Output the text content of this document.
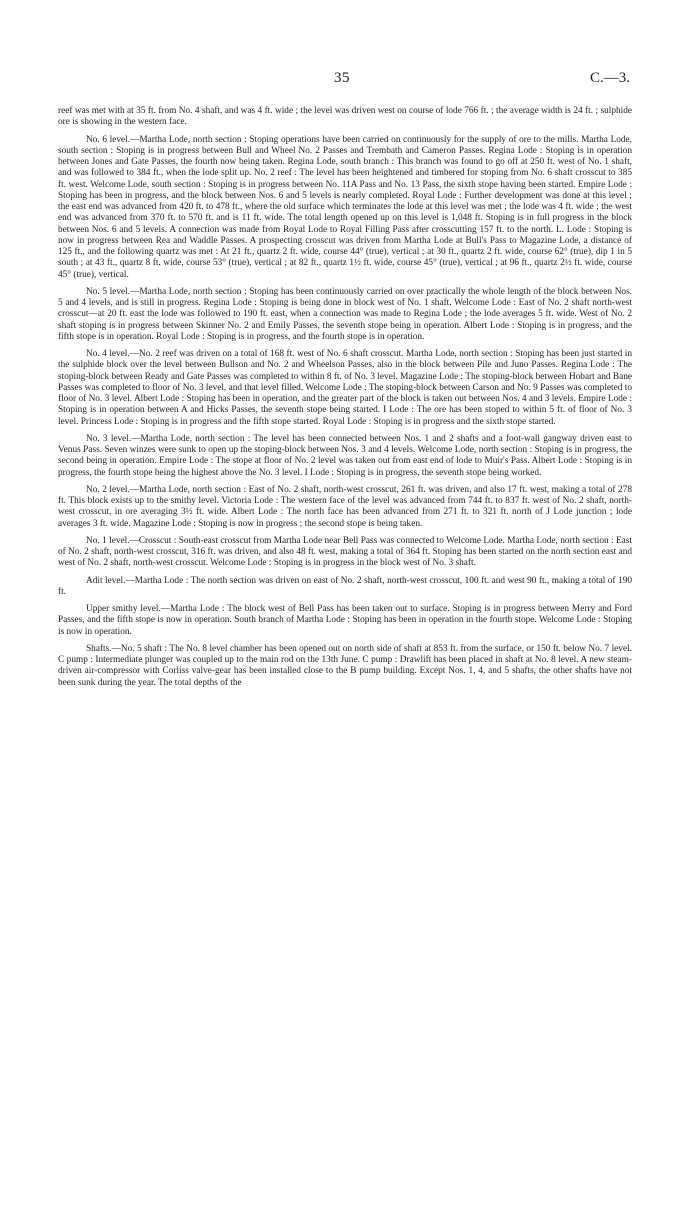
35	C.—3.

reef was met with at 35 ft. from No. 4 shaft, and was 4 ft. wide ; the level was driven west on course of lode 766 ft. ; the average width is 24 ft. ; sulphide ore is showing in the western face.

No. 6 level.—Martha Lode, north section : Stoping operations have been carried on continuously for the supply of ore to the mills. Martha Lode, south section : Stoping is in progress between Bull and Wheel No. 2 Passes and Trembath and Cameron Passes. Regina Lode : Stoping is in operation between Jones and Gate Passes, the fourth now being taken. Regina Lode, south branch : This branch was found to go off at 250 ft. west of No. 1 shaft, and was followed to 384 ft., when the lode split up. No. 2 reef : The level has been heightened and timbered for stoping from No. 6 shaft crosscut to 385 ft. west. Welcome Lode, south section : Stoping is in progress between No. 11A Pass and No. 13 Pass, the sixth stope having been started. Empire Lode : Stoping has been in progress, and the block between Nos. 6 and 5 levels is nearly completed. Royal Lode : Further development was done at this level ; the east end was advanced from 420 ft. to 478 ft., where the old surface which terminates the lode at this level was met ; the lode was 4 ft. wide ; the west end was advanced from 370 ft. to 570 ft. and is 11 ft. wide. The total length opened up on this level is 1,048 ft. Stoping is in full progress in the block between Nos. 6 and 5 levels. A connection was made from Royal Lode to Royal Filling Pass after crosscutting 157 ft. to the north. L. Lode : Stoping is now in progress between Rea and Waddle Passes. A prospecting crosscut was driven from Martha Lode at Bull's Pass to Magazine Lode, a distance of 125 ft., and the following quartz was met : At 21 ft., quartz 2 ft. wide, course 44° (true), vertical ; at 30 ft., quartz 2 ft. wide, course 62° (true), dip 1 in 5 south ; at 43 ft., quartz 8 ft. wide, course 53° (true), vertical ; at 82 ft., quartz 1½ ft. wide, course 45° (true), vertical ; at 96 ft., quartz 2½ ft. wide, course 45° (true), vertical.

No. 5 level.—Martha Lode, north section : Stoping has been continuously carried on over practically the whole length of the block between Nos. 5 and 4 levels, and is still in progress. Regina Lode : Stoping is being done in block west of No. 1 shaft. Welcome Lode : East of No. 2 shaft north-west crosscut—at 20 ft. east the lode was followed to 190 ft. east, when a connection was made to Regina Lode ; the lode averages 5 ft. wide. West of No. 2 shaft stoping is in progress between Skinner No. 2 and Emily Passes, the seventh stope being in operation. Albert Lode : Stoping is in progress, and the fifth stope is in operation. Royal Lode : Stoping is in progress, and the fourth stope is in operation.

No. 4 level.—No. 2 reef was driven on a total of 168 ft. west of No. 6 shaft crosscut. Martha Lode, north section : Stoping has been just started in the sulphide block over the level between Bullson and No. 2 and Wheelson Passes, also in the block between Pile and Juno Passes. Regina Lode : The stoping-block between Ready and Gate Passes was completed to within 8 ft. of No. 3 level. Magazine Lode : The stoping-block between Hobart and Bane Passes was completed to floor of No. 3 level, and that level filled. Welcome Lode : The stoping-block between Carson and No. 9 Passes was completed to floor of No. 3 level. Albert Lode : Stoping has been in operation, and the greater part of the block is taken out between Nos. 4 and 3 levels. Empire Lode : Stoping is in operation between A and Hicks Passes, the seventh stope being started. I Lode : The ore has been stoped to within 5 ft. of floor of No. 3 level. Princess Lode : Stoping is in progress and the fifth stope started. Royal Lode : Stoping is in progress and the sixth stope started.

No. 3 level.—Martha Lode, north section : The level has been connected between Nos. 1 and 2 shafts and a foot-wall gangway driven east to Venus Pass. Seven winzes were sunk to open up the stoping-block between Nos. 3 and 4 levels. Welcome Lode, north section : Stoping is in progress, the second being in operation. Empire Lode : The stope at floor of No. 2 level was taken out from east end of lode to Muir's Pass. Albert Lode : Stoping is in progress, the fourth stope being the highest above the No. 3 level. I Lode : Stoping is in progress, the seventh stope being worked.

No. 2 level.—Martha Lode, north section : East of No. 2 shaft, north-west crosscut, 261 ft. was driven, and also 17 ft. west, making a total of 278 ft. This block exists up to the smithy level. Victoria Lode : The western face of the level was advanced from 744 ft. to 837 ft. west of No. 2 shaft, north-west crosscut, in ore averaging 3½ ft. wide. Albert Lode : The north face has been advanced from 271 ft. to 321 ft. north of J Lode junction ; lode averages 3 ft. wide. Magazine Lode : Stoping is now in progress ; the second stope is being taken.

No. 1 level.—Crosscut : South-east crosscut from Martha Lode near Bell Pass was connected to Welcome Lode. Martha Lode, north section : East of No. 2 shaft, north-west crosscut, 316 ft. was driven, and also 48 ft. west, making a total of 364 ft. Stoping has been started on the north section east and west of No. 2 shaft, north-west crosscut. Welcome Lode : Stoping is in progress in the block west of No. 3 shaft.

Adit level.—Martha Lode : The north section was driven on east of No. 2 shaft, north-west crosscut, 100 ft. and west 90 ft., making a total of 190 ft.

Upper smithy level.—Martha Lode : The block west of Bell Pass has been taken out to surface. Stoping is in progress between Merry and Ford Passes, and the fifth stope is now in operation. South branch of Martha Lode : Stoping has been in operation in the fourth stope. Welcome Lode : Stoping is now in operation.

Shafts.—No. 5 shaft : The No. 8 level chamber has been opened out on north side of shaft at 853 ft. from the surface, or 150 ft. below No. 7 level. C pump : Intermediate plunger was coupled up to the main rod on the 13th June. C pump : Drawlift has been placed in shaft at No. 8 level. A new steam-driven air-compressor with Corliss valve-gear has been installed close to the B pump building. Except Nos. 1, 4, and 5 shafts, the other shafts have not been sunk during the year. The total depths of the
